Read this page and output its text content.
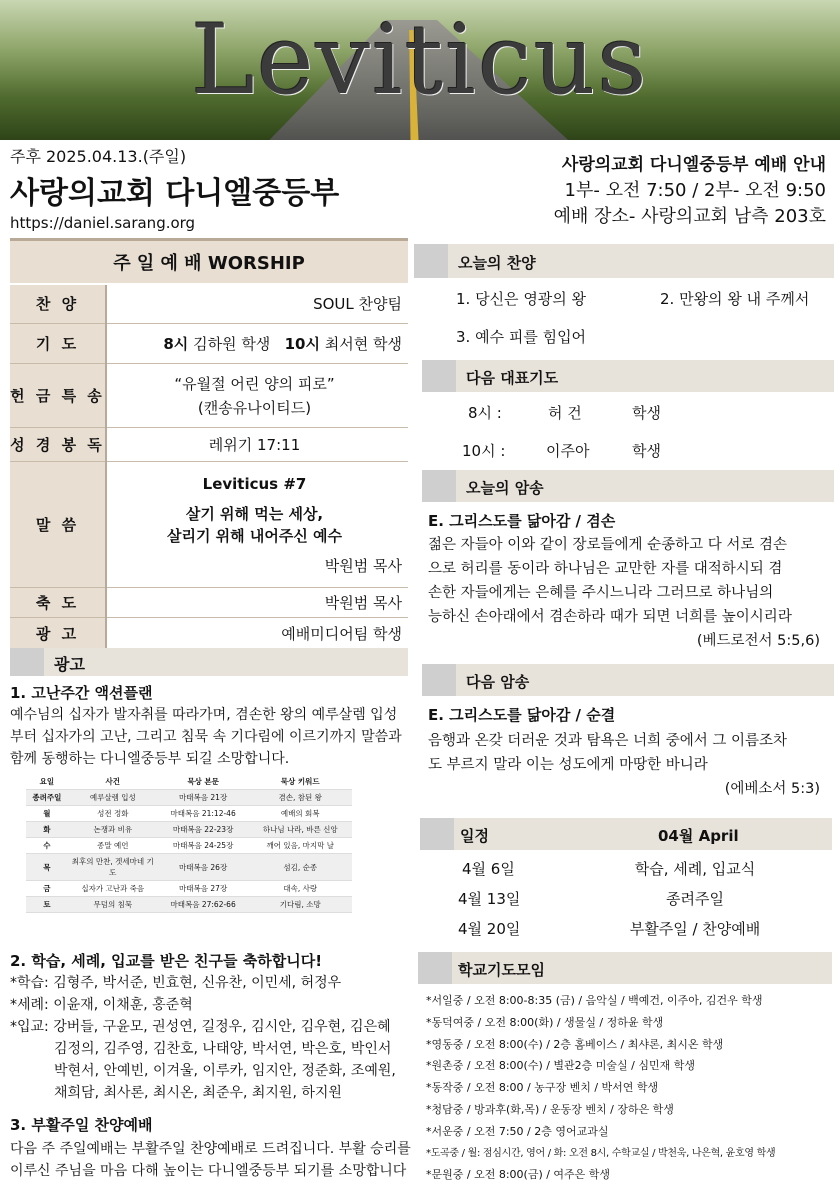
Leviticus
주후 2025.04.13.(주일)
사랑의교회 다니엘중등부
https://daniel.sarang.org
사랑의교회 다니엘중등부 예배 안내
1부- 오전 7:50 / 2부- 오전 9:50
예배 장소- 사랑의교회 남측 203호
주 일 예 배 WORSHIP	
찬 양	SOUL 찬양팀
기 도	8시 김하원 학생 10시 최서현 학생
헌 금 특 송	“유월절 어린 양의 피로”
(캔송유나이티드)

성 경 봉 독	레위기 17:11
말 씀	Leviticus #7
살기 위해 먹는 세상,
살리기 위해 내어주신 예수
박원범 목사

축 도	박원범 목사
광 고	예배미디어팀 학생
광고
1. 고난주간 액션플랜
예수님의 십자가 발자취를 따라가며, 겸손한 왕의 예루살렘 입성부터 십자가의 고난, 그리고 침묵 속 기다림에 이르기까지 말씀과 함께 동행하는 다니엘중등부 되길 소망합니다.
요일	사건	묵상 본문	묵상 키워드
종려주일	예루살렘 입성	마태복음 21장	겸손, 참된 왕
월	성전 정화	마태복음 21:12-46	예배의 회복
화	논쟁과 비유	마태복음 22-23장	하나님 나라, 바른 신앙
수	종말 예언	마태복음 24-25장	깨어 있음, 마지막 날
목	최후의 만찬, 겟세마네 기도	마태복음 26장	섬김, 순종
금	십자가 고난과 죽음	마태복음 27장	대속, 사랑
토	무덤의 침묵	마태복음 27:62-66	기다림, 소망
2. 학습, 세례, 입교를 받은 친구들 축하합니다!
*학습: 김형주, 박서준, 빈효현, 신유찬, 이민세, 허정우
*세례: 이윤재, 이채훈, 홍준혁
*입교: 강버들, 구윤모, 권성연, 길정우, 김시안, 김우현, 김은혜
김정의, 김주영, 김찬호, 나태양, 박서연, 박은호, 박인서
박현서, 안예빈, 이겨울, 이루카, 임지안, 정준화, 조예원,
채희담, 최사론, 최시온, 최준우, 최지원, 하지원
3. 부활주일 찬양예배
다음 주 주일예배는 부활주일 찬양예배로 드려집니다. 부활 승리를
이루신 주님을 마음 다해 높이는 다니엘중등부 되기를 소망합니다
오늘의 찬양
1. 당신은 영광의 왕	2. 만왕의 왕 내 주께서
3. 예수 피를 힘입어
다음 대표기도
8시 :	허 건	학생
10시 :	이주아	학생
오늘의 암송
E. 그리스도를 닮아감 / 겸손
젊은 자들아 이와 같이 장로들에게 순종하고 다 서로 겸손
으로 허리를 동이라 하나님은 교만한 자를 대적하시되 겸
손한 자들에게는 은혜를 주시느니라 그러므로 하나님의
능하신 손아래에서 겸손하라 때가 되면 너희를 높이시리라
(베드로전서 5:5,6)
다음 암송
E. 그리스도를 닮아감 / 순결
음행과 온갖 더러운 것과 탐욕은 너희 중에서 그 이름조차
도 부르지 말라 이는 성도에게 마땅한 바니라
(에베소서 5:3)
일정	04월 April
4월 6일	학습, 세례, 입교식
4월 13일	종려주일
4월 20일	부활주일 / 찬양예배
학교기도모임
*서일중 / 오전 8:00-8:35 (금) / 음악실 / 백예건, 이주아, 김건우 학생
*동덕여중 / 오전 8:00(화) / 생물실 / 정하윤 학생
*영동중 / 오전 8:00(수) / 2층 홈베이스 / 최샤론, 최시온 학생
*원촌중 / 오전 8:00(수) / 별관2층 미술실 / 심민재 학생
*동작중 / 오전 8:00 / 농구장 벤치 / 박서연 학생
*청담중 / 방과후(화,목) / 운동장 벤치 / 장하은 학생
*서운중 / 오전 7:50 / 2층 영어교과실
*도곡중 / 월: 점심시간, 영어 / 화: 오전 8시, 수학교실 / 박천욱, 나은혁, 윤호영 학생
*문원중 / 오전 8:00(금) / 여주은 학생
